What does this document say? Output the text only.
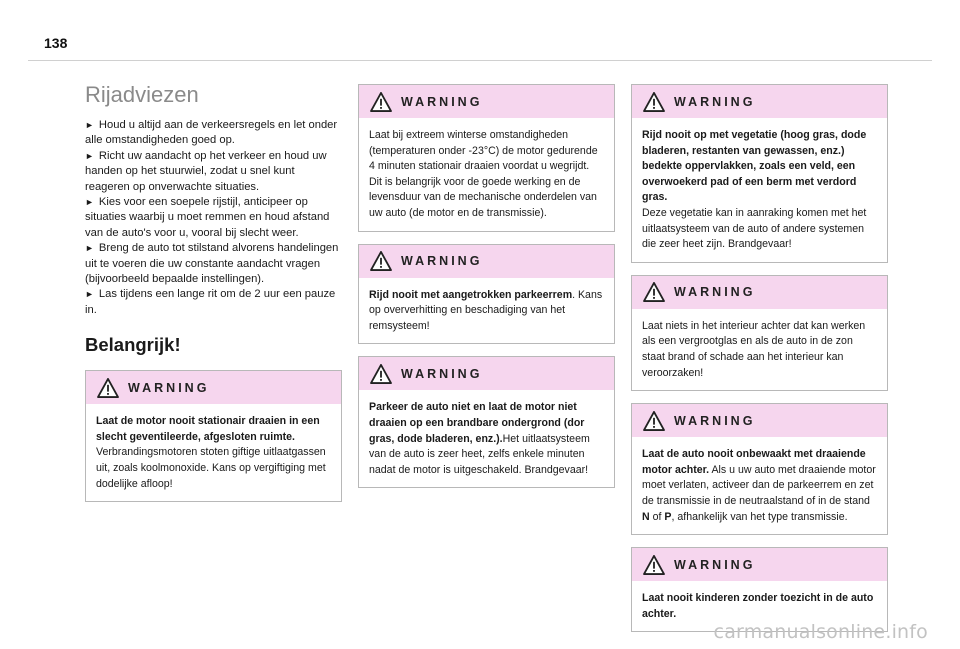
138
Rijadviezen

► Houd u altijd aan de verkeersregels en let onder alle omstandigheden goed op.

► Richt uw aandacht op het verkeer en houd uw handen op het stuurwiel, zodat u snel kunt reageren op onverwachte situaties.

► Kies voor een soepele rijstijl, anticipeer op situaties waarbij u moet remmen en houd afstand van de auto's voor u, vooral bij slecht weer.

► Breng de auto tot stilstand alvorens handelingen uit te voeren die uw constante aandacht vragen (bijvoorbeeld bepaalde instellingen).

► Las tijdens een lange rit om de 2 uur een pauze in.

Belangrijk!
WARNING
Laat de motor nooit stationair draaien in een slecht geventileerde, afgesloten ruimte.
Verbrandingsmotoren stoten giftige uitlaatgassen uit, zoals koolmonoxide. Kans op vergiftiging met dodelijke afloop!
WARNING
Laat bij extreem winterse omstandigheden (temperaturen onder -23°C) de motor gedurende 4 minuten stationair draaien voordat u wegrijdt. Dit is belangrijk voor de goede werking en de levensduur van de mechanische onderdelen van uw auto (de motor en de transmissie).
WARNING
Rijd nooit met aangetrokken parkeerrem. Kans op oververhitting en beschadiging van het remsysteem!
WARNING
Parkeer de auto niet en laat de motor niet draaien op een brandbare ondergrond (dor gras, dode bladeren, enz.).Het uitlaatsysteem van de auto is zeer heet, zelfs enkele minuten nadat de motor is uitgeschakeld. Brandgevaar!
WARNING
Rijd nooit op met vegetatie (hoog gras, dode bladeren, restanten van gewassen, enz.) bedekte oppervlakken, zoals een veld, een overwoekerd pad of een berm met verdord gras.
Deze vegetatie kan in aanraking komen met het uitlaatsysteem van de auto of andere systemen die zeer heet zijn. Brandgevaar!
WARNING
Laat niets in het interieur achter dat kan werken als een vergrootglas en als de auto in de zon staat brand of schade aan het interieur kan veroorzaken!
WARNING
Laat de auto nooit onbewaakt met draaiende motor achter. Als u uw auto met draaiende motor moet verlaten, activeer dan de parkeerrem en zet de transmissie in de neutraalstand of in de stand N of P, afhankelijk van het type transmissie.
WARNING
Laat nooit kinderen zonder toezicht in de auto achter.
carmanualsonline.info
